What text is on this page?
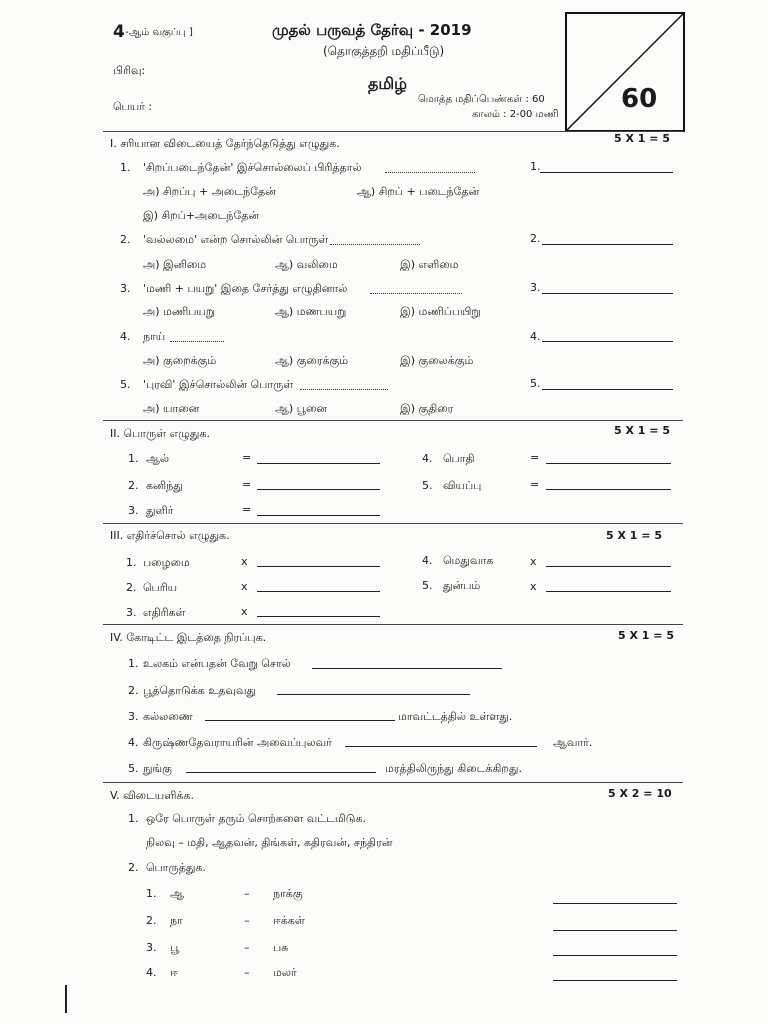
4 -ஆம் வகுப்பு ]	முதல் பருவத் தேர்வு - 2019
(தொகுத்தறி மதிப்பீடு)
பிரிவு:
தமிழ்
மொத்த மதிப்பெண்கள் : 60
பெயர் :
காலம் : 2-00 மணி
60
I. சரியான விடையைத் தேர்ந்தெடுத்து எழுதுக.	5 X 1 = 5
1. 'சிறப்படைந்தேன்' இச்சொல்லைப் பிரித்தால்	1.
அ) சிறப்பு + அடைந்தேன்	ஆ) சிறப் + படைந்தேன்
இ) சிறப்+அடைந்தேன்
2. 'வல்லமை' என்ற சொல்லின் பொருள்	2.
அ) இனிமை	ஆ) வலிமை	இ) எளிமை
3. 'மணி + பயறு' இதை சேர்த்து எழுதினால்	3.
அ) மணிபயறு	ஆ) மணபயறு	இ) மணிப்பயிறு
4. நாய்	4.
அ) குறைக்கும்	ஆ) குரைக்கும்	இ) குலைக்கும்
5. 'புரவி' இச்சொல்லின் பொருள்	5.
அ) யானை	ஆ) பூனை	இ) குதிரை
II. பொருள் எழுதுக.	5 X 1 = 5
1. ஆல்	=
2. கனிந்து	=
3. துளிர்	=
4. பொதி	=
5. வியப்பு	=
III. எதிர்ச்சொல் எழுதுக.	5 X 1 = 5
1. பழைமை	x
2. பெரிய	x
3. எதிரிகள்	x
4. மெதுவாக	x
5. துன்பம்	x
IV. கோடிட்ட இடத்தை நிரப்புக.	5 X 1 = 5
1. உலகம் என்பதன் வேறு சொல்
2. பூத்தொடுக்க உதவுவது
3. கல்லணை	மாவட்டத்தில் உள்ளது.
4. கிருஷ்ணதேவராயரின் அவைப்புலவர்	ஆவார்.
5. நுங்கு	மரத்திலிருந்து கிடைக்கிறது.
V. விடையளிக்க.	5 X 2 = 10
1. ஒரே பொருள் தரும் சொற்களை வட்டமிடுக.
நிலவு – மதி, ஆதவன், திங்கள், கதிரவன், சந்திரன்
2. பொருத்துக.
1. ஆ	– நாக்கு
2. நா	– ஈக்கள்
3. பூ	– பசு
4. ஈ	– மலர்
